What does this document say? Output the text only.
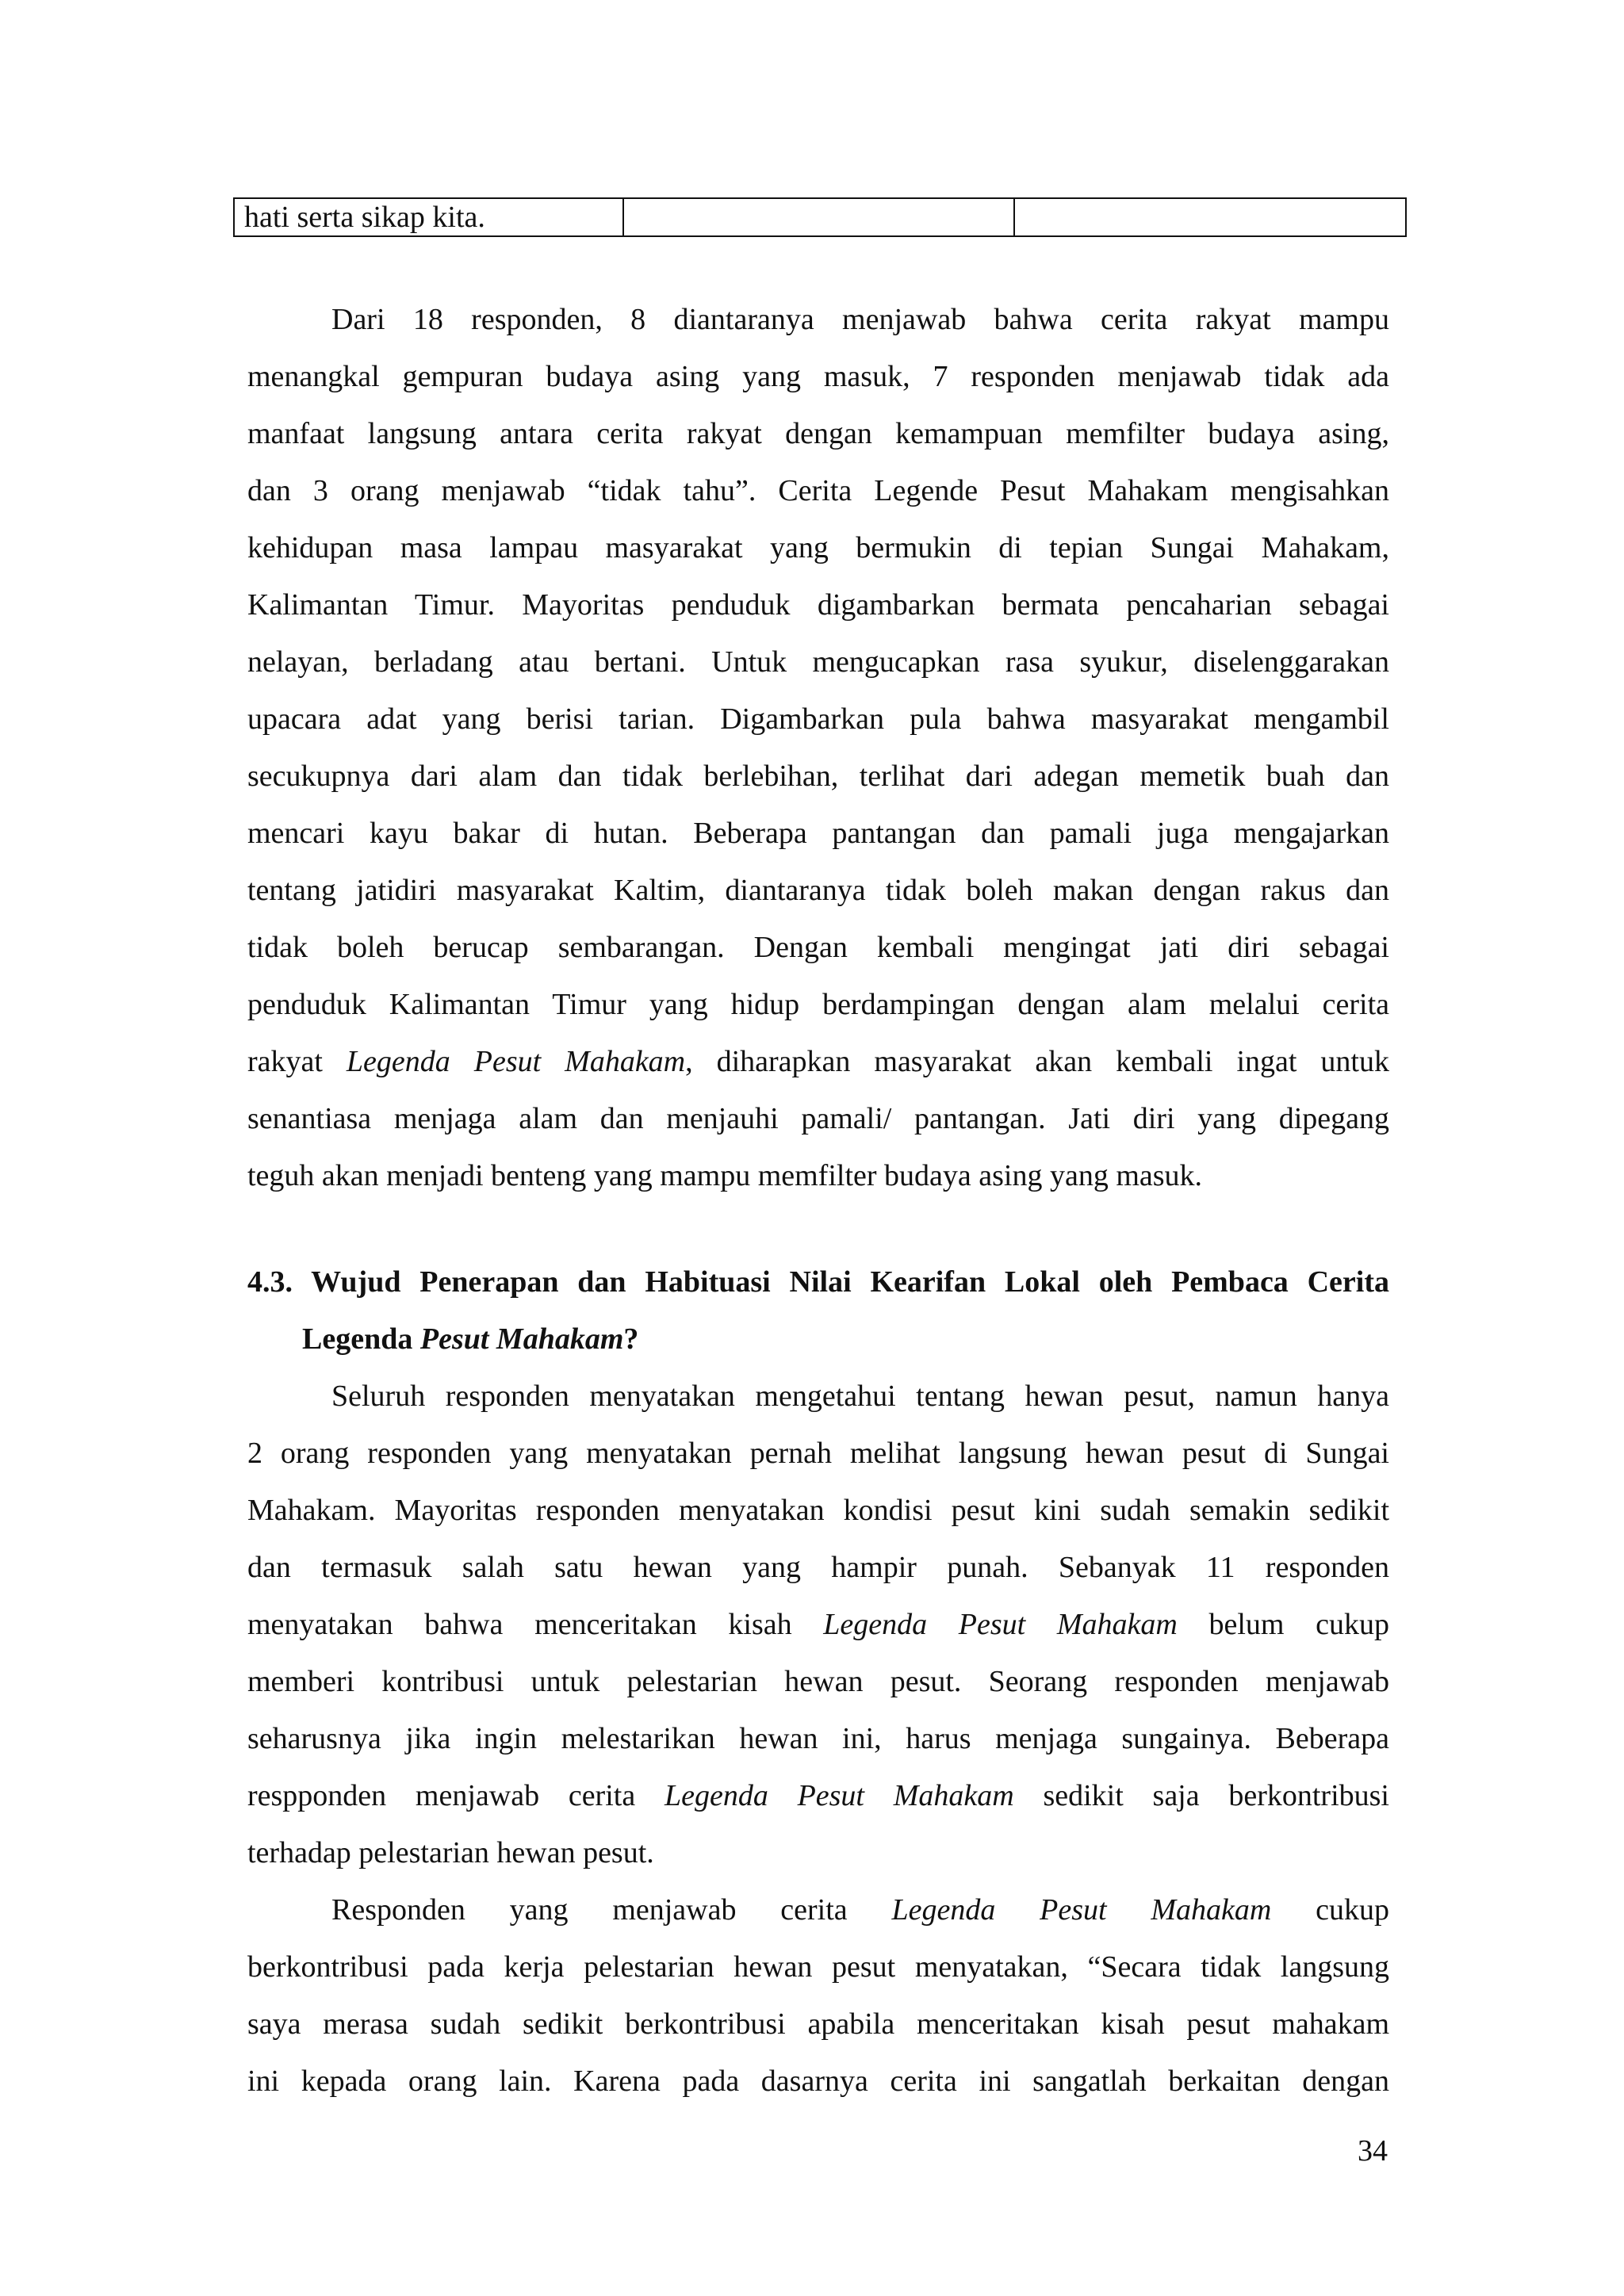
hati serta sikap kita.		
Dari 18 responden, 8 diantaranya menjawab bahwa cerita rakyat mampu
menangkal gempuran budaya asing yang masuk, 7 responden menjawab tidak ada
manfaat langsung antara cerita rakyat dengan kemampuan memfilter budaya asing,
dan 3 orang menjawab “tidak tahu”. Cerita Legende Pesut Mahakam mengisahkan
kehidupan masa lampau masyarakat yang bermukin di tepian Sungai Mahakam,
Kalimantan Timur. Mayoritas penduduk digambarkan bermata pencaharian sebagai
nelayan, berladang atau bertani. Untuk mengucapkan rasa syukur, diselenggarakan
upacara adat yang berisi tarian. Digambarkan pula bahwa masyarakat mengambil
secukupnya dari alam dan tidak berlebihan, terlihat dari adegan memetik buah dan
mencari kayu bakar di hutan. Beberapa pantangan dan pamali juga mengajarkan
tentang jatidiri masyarakat Kaltim, diantaranya tidak boleh makan dengan rakus dan
tidak boleh berucap sembarangan. Dengan kembali mengingat jati diri sebagai
penduduk Kalimantan Timur yang hidup berdampingan dengan alam melalui cerita
rakyat Legenda Pesut Mahakam, diharapkan masyarakat akan kembali ingat untuk
senantiasa menjaga alam dan menjauhi pamali/ pantangan. Jati diri yang dipegang
teguh akan menjadi benteng yang mampu memfilter budaya asing yang masuk.
4.3. Wujud Penerapan dan Habituasi Nilai Kearifan Lokal oleh Pembaca Cerita
Legenda Pesut Mahakam?
Seluruh responden menyatakan mengetahui tentang hewan pesut, namun hanya
2 orang responden yang menyatakan pernah melihat langsung hewan pesut di Sungai
Mahakam. Mayoritas responden menyatakan kondisi pesut kini sudah semakin sedikit
dan termasuk salah satu hewan yang hampir punah. Sebanyak 11 responden
menyatakan bahwa menceritakan kisah Legenda Pesut Mahakam belum cukup
memberi kontribusi untuk pelestarian hewan pesut. Seorang responden menjawab
seharusnya jika ingin melestarikan hewan ini, harus menjaga sungainya. Beberapa
respponden menjawab cerita Legenda Pesut Mahakam sedikit saja berkontribusi
terhadap pelestarian hewan pesut.
Responden yang menjawab cerita Legenda Pesut Mahakam cukup
berkontribusi pada kerja pelestarian hewan pesut menyatakan, “Secara tidak langsung
saya merasa sudah sedikit berkontribusi apabila menceritakan kisah pesut mahakam
ini kepada orang lain. Karena pada dasarnya cerita ini sangatlah berkaitan dengan
34
